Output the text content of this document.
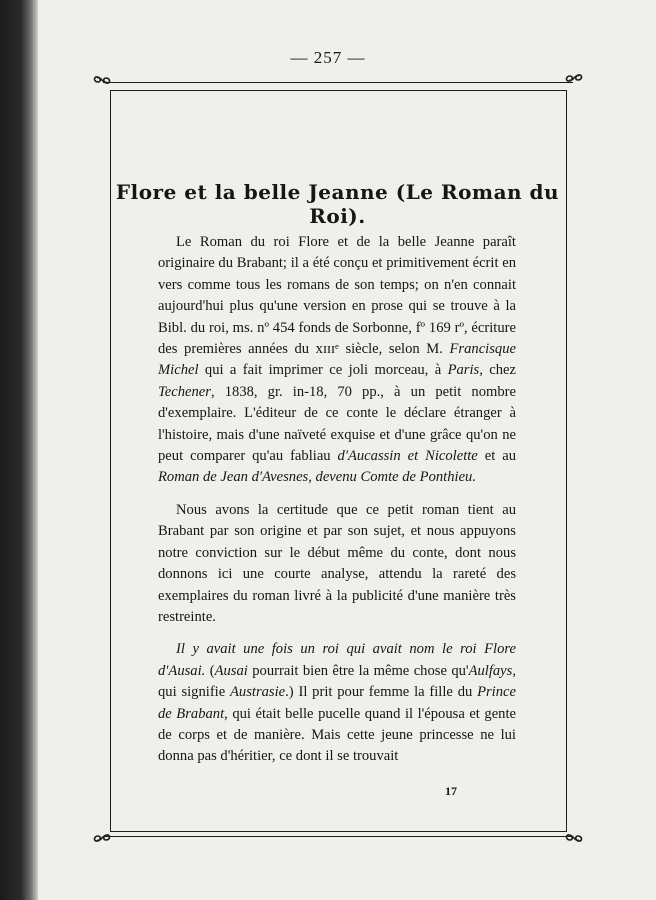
— 257 —
Flore et la belle Jeanne (Le Roman du Roi).

Le Roman du roi Flore et de la belle Jeanne paraît originaire du Brabant; il a été conçu et primitivement écrit en vers comme tous les romans de son temps; on n'en connait aujourd'hui plus qu'une version en prose qui se trouve à la Bibl. du roi, ms. nº 454 fonds de Sorbonne, fº 169 rº, écriture des premières années du xɪɪɪᵉ siècle, selon M. Francisque Michel qui a fait imprimer ce joli morceau, à Paris, chez Techener, 1838, gr. in-18, 70 pp., à un petit nombre d'exemplaire. L'éditeur de ce conte le déclare étranger à l'histoire, mais d'une naïveté exquise et d'une grâce qu'on ne peut comparer qu'au fabliau d'Aucassin et Nicolette et au Roman de Jean d'Avesnes, devenu Comte de Ponthieu.

Nous avons la certitude que ce petit roman tient au Brabant par son origine et par son sujet, et nous appuyons notre conviction sur le début même du conte, dont nous donnons ici une courte analyse, attendu la rareté des exemplaires du roman livré à la publicité d'une manière très restreinte.

Il y avait une fois un roi qui avait nom le roi Flore d'Ausai. (Ausai pourrait bien être la même chose qu'Aulfays, qui signifie Austrasie.) Il prit pour femme la fille du Prince de Brabant, qui était belle pucelle quand il l'épousa et gente de corps et de manière. Mais cette jeune princesse ne lui donna pas d'héritier, ce dont il se trouvait

17
